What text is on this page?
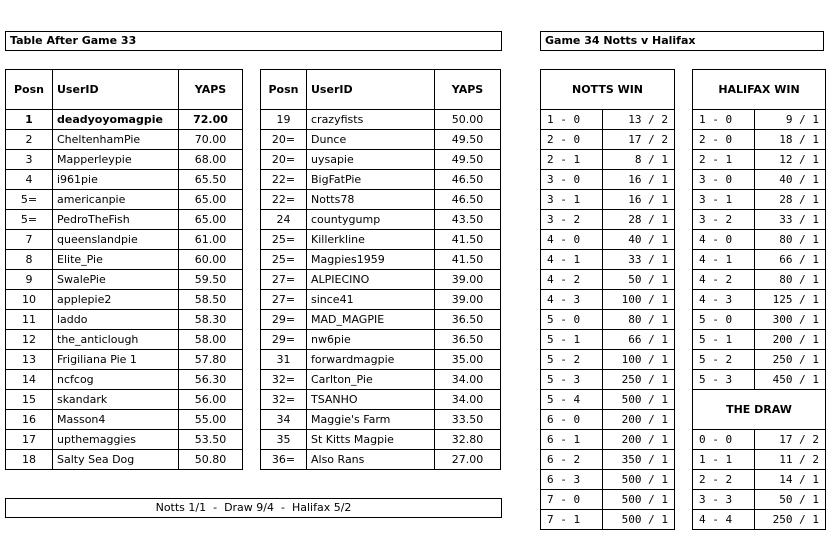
Table After Game 33	Game 34 Notts v Halifax
Posn	UserID	YAPS
1	deadyoyomagpie	72.00
2	CheltenhamPie	70.00
3	Mapperleypie	68.00
4	i961pie	65.50
5=	americanpie	65.00
5=	PedroTheFish	65.00
7	queenslandpie	61.00
8	Elite_Pie	60.00
9	SwalePie	59.50
10	applepie2	58.50
11	laddo	58.30
12	the_anticlough	58.00
13	Frigiliana Pie 1	57.80
14	ncfcog	56.30
15	skandark	56.00
16	Masson4	55.00
17	upthemaggies	53.50
18	Salty Sea Dog	50.80
Posn	UserID	YAPS
19	crazyfists	50.00
20=	Dunce	49.50
20=	uysapie	49.50
22=	BigFatPie	46.50
22=	Notts78	46.50
24	countygump	43.50
25=	Killerkline	41.50
25=	Magpies1959	41.50
27=	ALPIECINO	39.00
27=	since41	39.00
29=	MAD_MAGPIE	36.50
29=	nw6pie	36.50
31	forwardmagpie	35.00
32=	Carlton_Pie	34.00
32=	TSANHO	34.00
34	Maggie's Farm	33.50
35	St Kitts Magpie	32.80
36=	Also Rans	27.00
Notts 1/1  -  Draw 9/4  -  Halifax 5/2
NOTTS WIN	
1 - 0	13 / 2
2 - 0	17 / 2
2 - 1	8 / 1
3 - 0	16 / 1
3 - 1	16 / 1
3 - 2	28 / 1
4 - 0	40 / 1
4 - 1	33 / 1
4 - 2	50 / 1
4 - 3	100 / 1
5 - 0	80 / 1
5 - 1	66 / 1
5 - 2	100 / 1
5 - 3	250 / 1
5 - 4	500 / 1
6 - 0	200 / 1
6 - 1	200 / 1
6 - 2	350 / 1
6 - 3	500 / 1
7 - 0	500 / 1
7 - 1	500 / 1
HALIFAX WIN	
1 - 0	9 / 1
2 - 0	18 / 1
2 - 1	12 / 1
3 - 0	40 / 1
3 - 1	28 / 1
3 - 2	33 / 1
4 - 0	80 / 1
4 - 1	66 / 1
4 - 2	80 / 1
4 - 3	125 / 1
5 - 0	300 / 1
5 - 1	200 / 1
5 - 2	250 / 1
5 - 3	450 / 1
THE DRAW	
0 - 0	17 / 2
1 - 1	11 / 2
2 - 2	14 / 1
3 - 3	50 / 1
4 - 4	250 / 1
